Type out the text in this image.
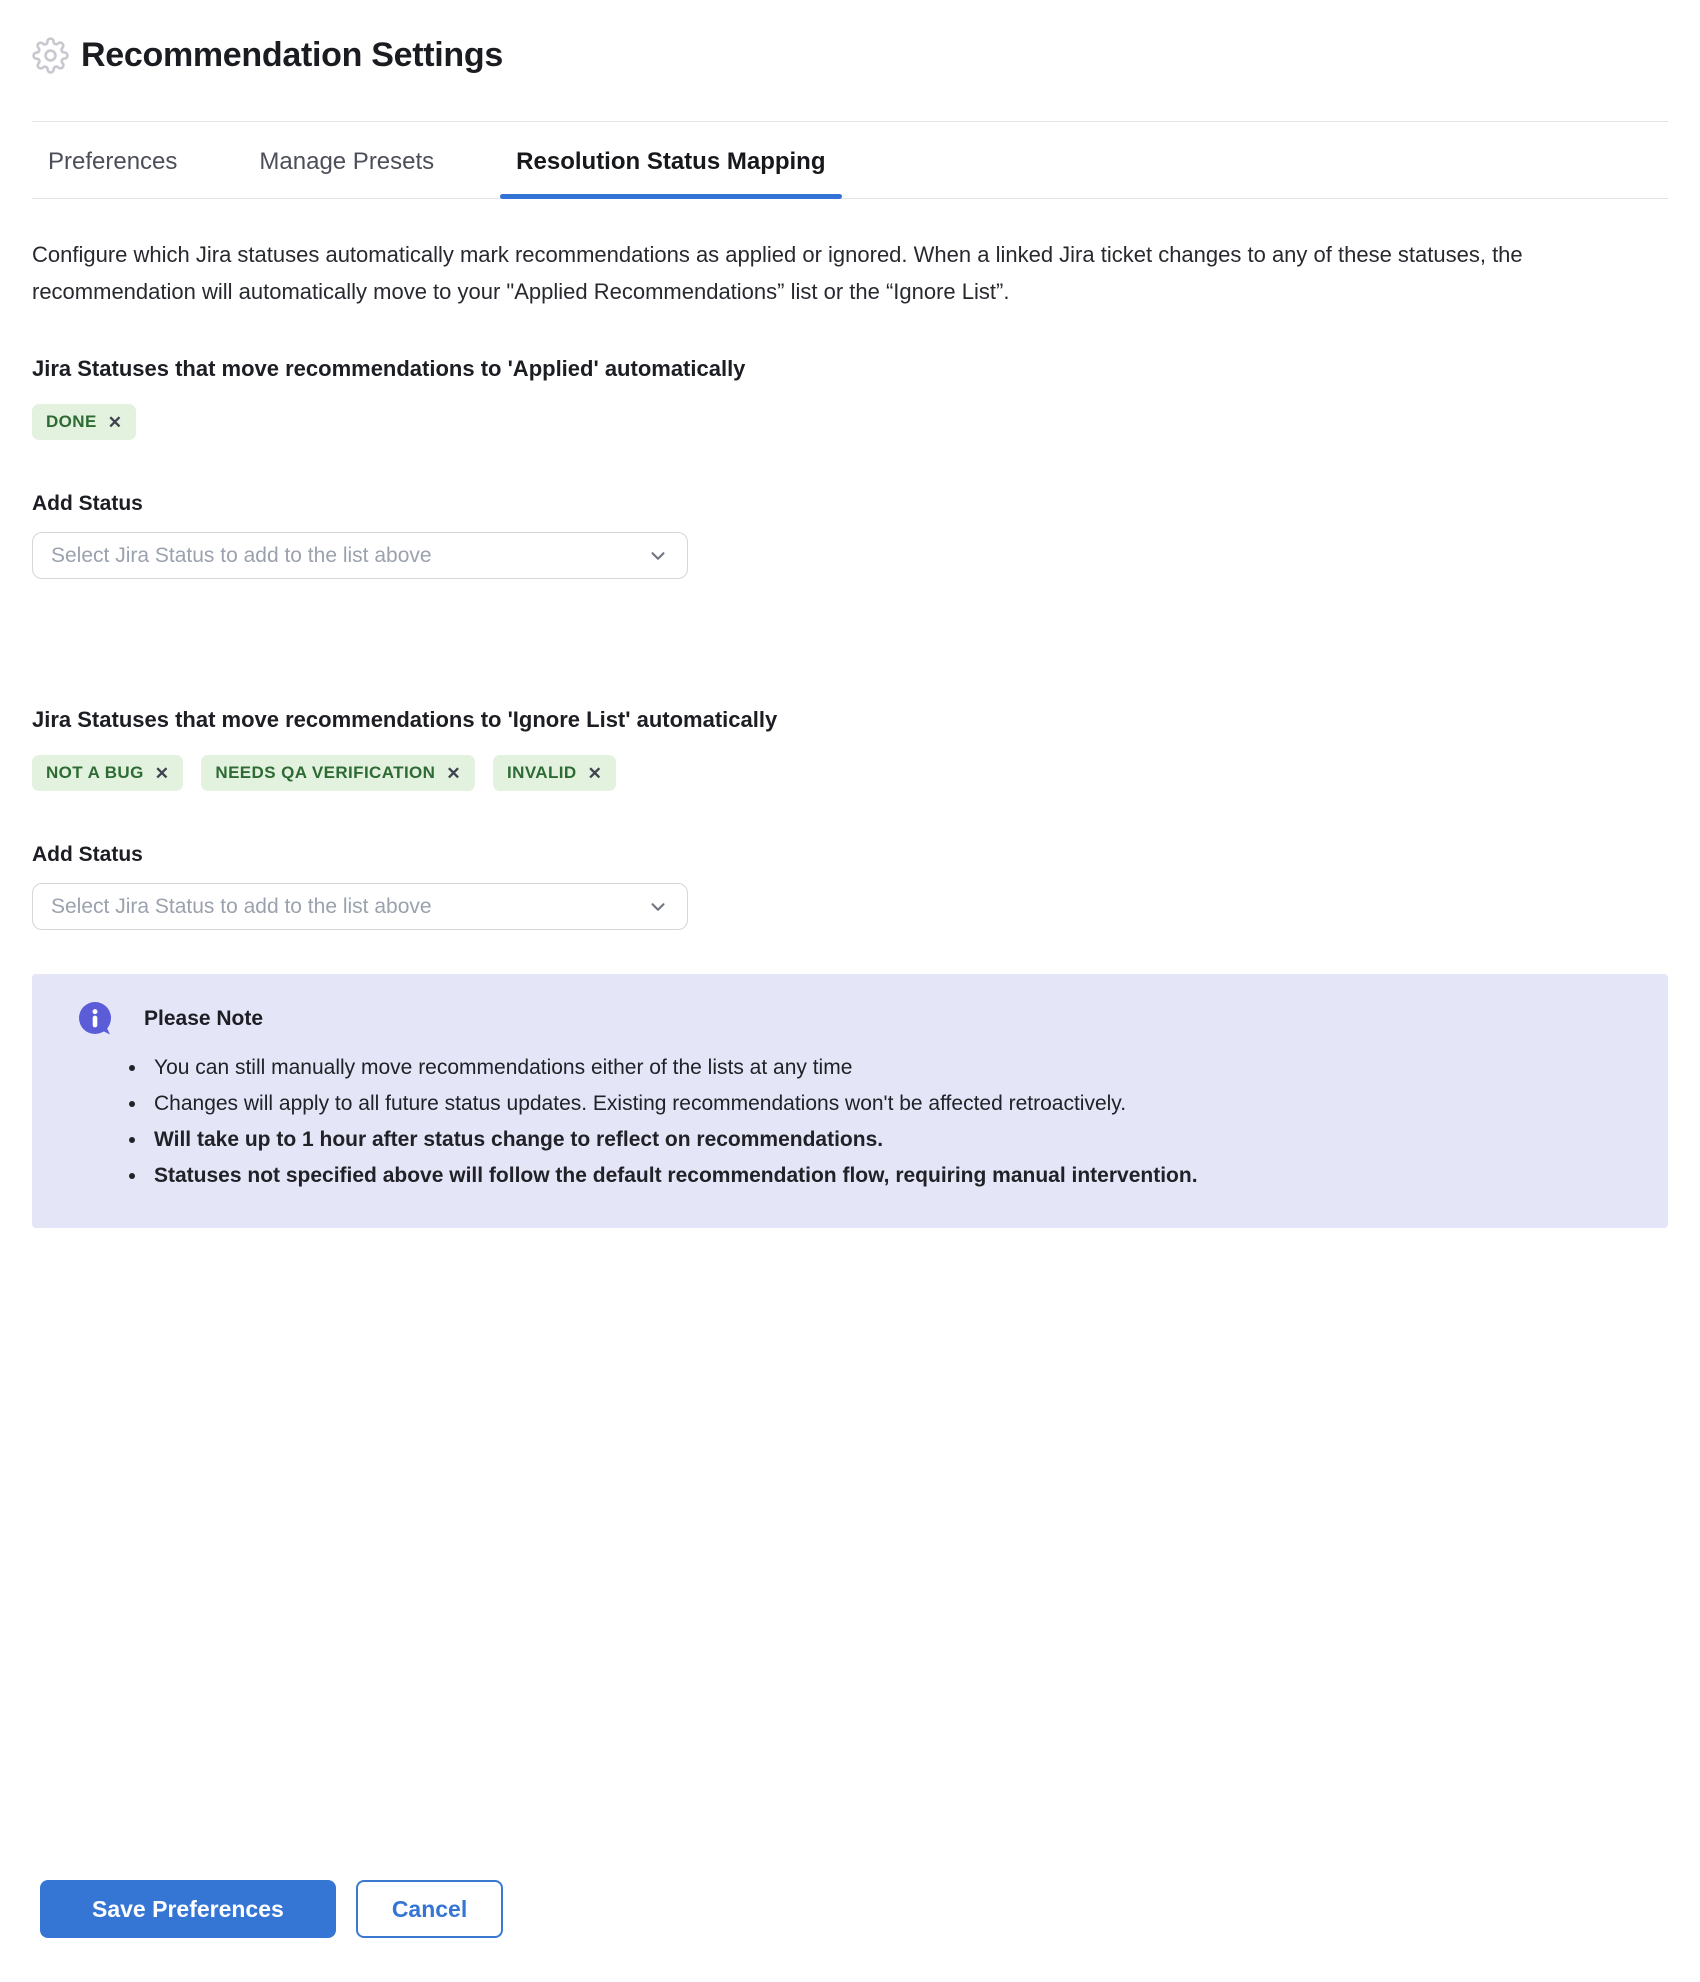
Recommendation Settings
Preferences	Manage Presets	Resolution Status Mapping

Configure which Jira statuses automatically mark recommendations as applied or ignored. When a linked Jira ticket changes to any of these statuses, the recommendation will automatically move to your "Applied Recommendations” list or the “Ignore List”.

Jira Statuses that move recommendations to 'Applied' automatically
DONE ✕
Add Status
Select Jira Status to add to the list above
Jira Statuses that move recommendations to 'Ignore List' automatically
NOT A BUG ✕	NEEDS QA VERIFICATION ✕	INVALID ✕
Add Status
Select Jira Status to add to the list above
Please Note
• You can still manually move recommendations either of the lists at any time
• Changes will apply to all future status updates. Existing recommendations won't be affected retroactively.
• Will take up to 1 hour after status change to reflect on recommendations.
• Statuses not specified above will follow the default recommendation flow, requiring manual intervention.
Save Preferences	Cancel
